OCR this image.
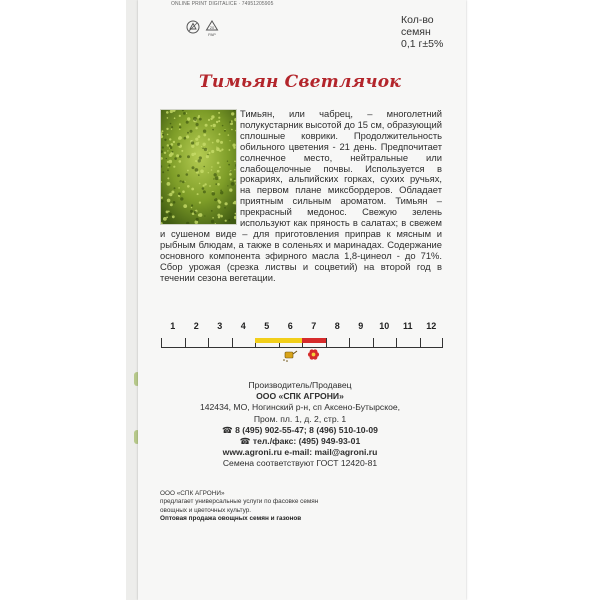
ONLINE PRINT DIGITALICE · 74951205905
20
PAP
Кол-во
семян
0,1 г±5%
Тимьян Светлячок
Тимьян, или чабрец, – многолетний полукустарник высотой до 15 см, образующий сплошные коврики. Продолжительность обильного цветения - 21 день. Предпочитает солнечное место, нейтральные или слабощелочные почвы. Используется в рокариях, альпийских горках, сухих ручьях, на первом плане миксбордеров. Обладает приятным сильным ароматом. Тимьян – прекрасный медонос. Свежую зелень используют как пряность в салатах; в свежем и сушеном виде – для приготовления приправ к мясным и рыбным блюдам, а также в соленьях и маринадах. Содержание основного компонента эфирного масла 1,8-цинеол - до 71%. Сбор урожая (срезка листвы и соцветий) на второй год в течении сезона вегетации.
1	2	3	4	5	6	7	8	9	10	11	12
Производитель/Продавец
ООО «СПК АГРОНИ»
142434, МО, Ногинский р-н, сп Аксено-Бутырское,
Пром. пл. 1, д. 2, стр. 1
☎ 8 (495) 902-55-47; 8 (496) 510-10-09
☎ тел./факс: (495) 949-93-01
www.agroni.ru e-mail: mail@agroni.ru
Семена соответствуют ГОСТ 12420-81
ООО «СПК АГРОНИ»
предлагает универсальные услуги по фасовке семян
овощных и цветочных культур.
Оптовая продажа овощных семян и газонов
